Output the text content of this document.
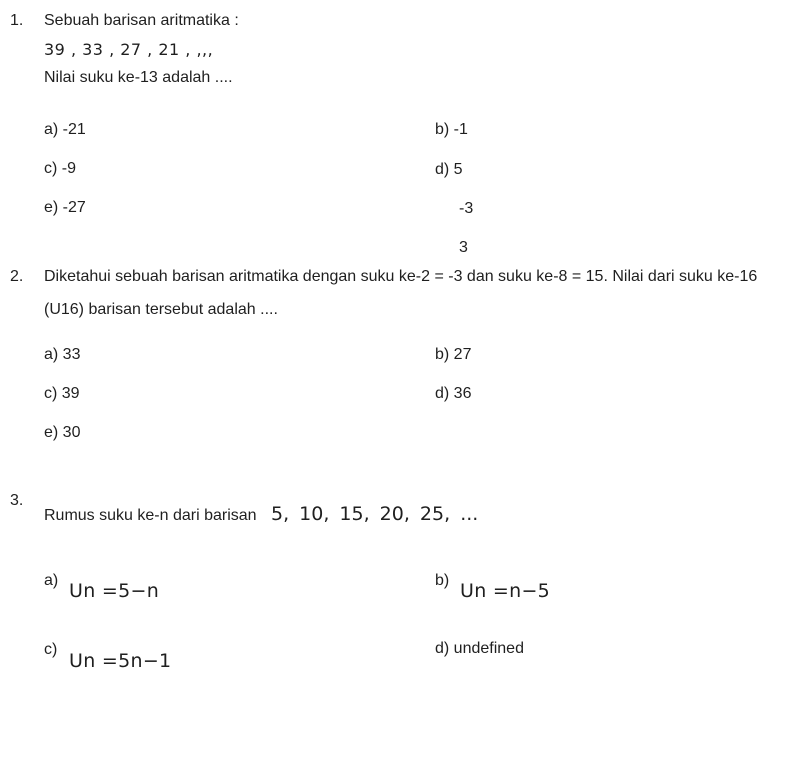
1. Sebuah barisan aritmatika :
39 , 33 , 27 , 21 , ,,,
Nilai suku ke-13 adalah ....
a) -21	b) -1
c) -9	d) 5
e) -27	-3
3
2. Diketahui sebuah barisan aritmatika dengan suku ke-2 = -3 dan suku ke-8 = 15. Nilai dari suku ke-16
(U16) barisan tersebut adalah ....
a) 33	b) 27
c) 39	d) 36
e) 30
3.
Rumus suku ke-n dari barisan 5, 10, 15, 20, 25, ...
a) Un =5−n	b) Un =n−5
c)
Un =5n−1
d) undefined
